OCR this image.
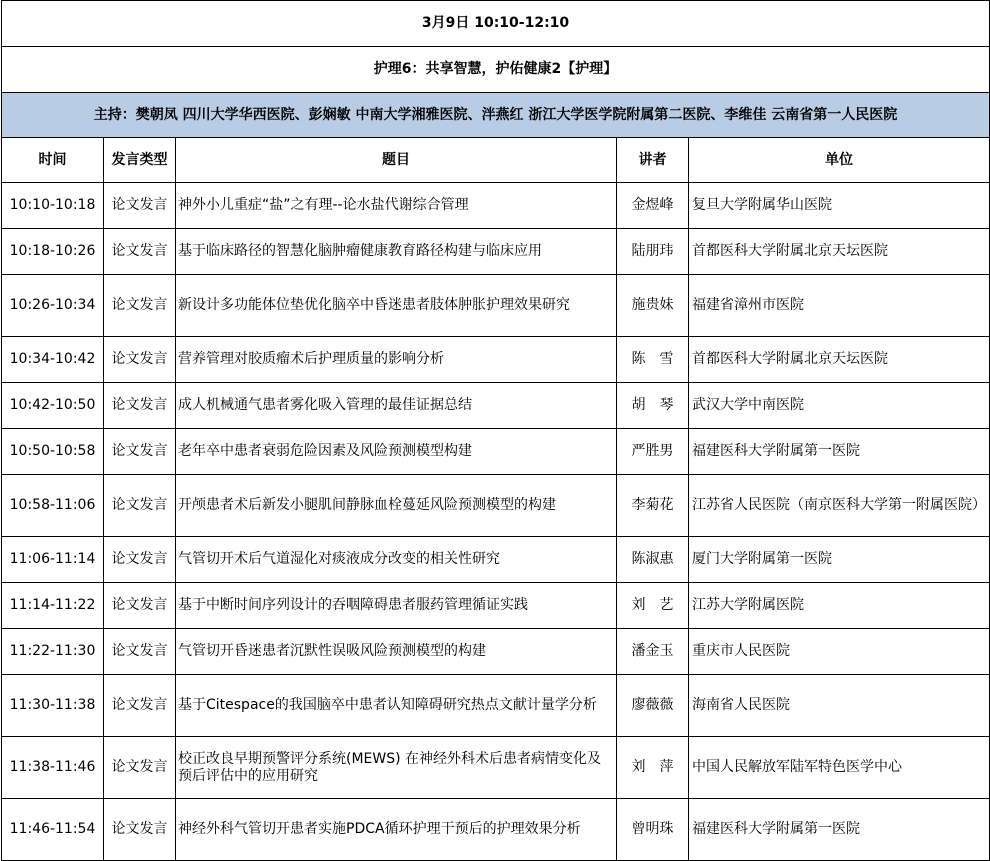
3月9日 10:10-12:10				
护理6：共享智慧，护佑健康2【护理】				
主持：樊朝凤 四川大学华西医院、彭娴敏 中南大学湘雅医院、泮燕红 浙江大学医学院附属第二医院、李维佳 云南省第一人民医院				
时间	发言类型	题目	讲者	单位
10:10-10:18	论文发言	神外小儿重症“盐”之有理--论水盐代谢综合管理	金煜峰	复旦大学附属华山医院
10:18-10:26	论文发言	基于临床路径的智慧化脑肿瘤健康教育路径构建与临床应用	陆朋玮	首都医科大学附属北京天坛医院
10:26-10:34	论文发言	新设计多功能体位垫优化脑卒中昏迷患者肢体肿胀护理效果研究	施贵妹	福建省漳州市医院
10:34-10:42	论文发言	营养管理对胶质瘤术后护理质量的影响分析	陈　雪	首都医科大学附属北京天坛医院
10:42-10:50	论文发言	成人机械通气患者雾化吸入管理的最佳证据总结	胡　琴	武汉大学中南医院
10:50-10:58	论文发言	老年卒中患者衰弱危险因素及风险预测模型构建	严胜男	福建医科大学附属第一医院
10:58-11:06	论文发言	开颅患者术后新发小腿肌间静脉血栓蔓延风险预测模型的构建	李菊花	江苏省人民医院（南京医科大学第一附属医院）
11:06-11:14	论文发言	气管切开术后气道湿化对痰液成分改变的相关性研究	陈淑惠	厦门大学附属第一医院
11:14-11:22	论文发言	基于中断时间序列设计的吞咽障碍患者服药管理循证实践	刘　艺	江苏大学附属医院
11:22-11:30	论文发言	气管切开昏迷患者沉默性误吸风险预测模型的构建	潘金玉	重庆市人民医院
11:30-11:38	论文发言	基于Citespace的我国脑卒中患者认知障碍研究热点文献计量学分析	廖薇薇	海南省人民医院
11:38-11:46	论文发言	校正改良早期预警评分系统(MEWS) 在神经外科术后患者病情变化及预后评估中的应用研究	刘　萍	中国人民解放军陆军特色医学中心
11:46-11:54	论文发言	神经外科气管切开患者实施PDCA循环护理干预后的护理效果分析	曾明珠	福建医科大学附属第一医院
